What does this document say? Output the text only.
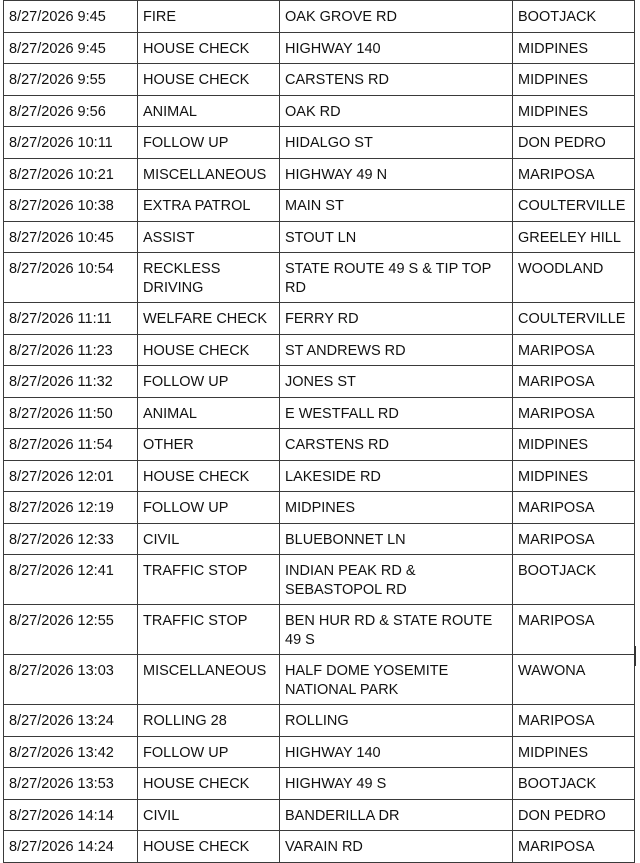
8/27/2026 9:45	FIRE	OAK GROVE RD	BOOTJACK
8/27/2026 9:45	HOUSE CHECK	HIGHWAY 140	MIDPINES
8/27/2026 9:55	HOUSE CHECK	CARSTENS RD	MIDPINES
8/27/2026 9:56	ANIMAL	OAK RD	MIDPINES
8/27/2026 10:11	FOLLOW UP	HIDALGO ST	DON PEDRO
8/27/2026 10:21	MISCELLANEOUS	HIGHWAY 49 N	MARIPOSA
8/27/2026 10:38	EXTRA PATROL	MAIN ST	COULTERVILLE
8/27/2026 10:45	ASSIST	STOUT LN	GREELEY HILL
8/27/2026 10:54	RECKLESS DRIVING	STATE ROUTE 49 S & TIP TOP RD	WOODLAND
8/27/2026 11:11	WELFARE CHECK	FERRY RD	COULTERVILLE
8/27/2026 11:23	HOUSE CHECK	ST ANDREWS RD	MARIPOSA
8/27/2026 11:32	FOLLOW UP	JONES ST	MARIPOSA
8/27/2026 11:50	ANIMAL	E WESTFALL RD	MARIPOSA
8/27/2026 11:54	OTHER	CARSTENS RD	MIDPINES
8/27/2026 12:01	HOUSE CHECK	LAKESIDE RD	MIDPINES
8/27/2026 12:19	FOLLOW UP	MIDPINES	MARIPOSA
8/27/2026 12:33	CIVIL	BLUEBONNET LN	MARIPOSA
8/27/2026 12:41	TRAFFIC STOP	INDIAN PEAK RD & SEBASTOPOL RD	BOOTJACK
8/27/2026 12:55	TRAFFIC STOP	BEN HUR RD & STATE ROUTE 49 S	MARIPOSA
8/27/2026 13:03	MISCELLANEOUS	HALF DOME YOSEMITE NATIONAL PARK	WAWONA
8/27/2026 13:24	ROLLING 28	ROLLING	MARIPOSA
8/27/2026 13:42	FOLLOW UP	HIGHWAY 140	MIDPINES
8/27/2026 13:53	HOUSE CHECK	HIGHWAY 49 S	BOOTJACK
8/27/2026 14:14	CIVIL	BANDERILLA DR	DON PEDRO
8/27/2026 14:24	HOUSE CHECK	VARAIN RD	MARIPOSA
